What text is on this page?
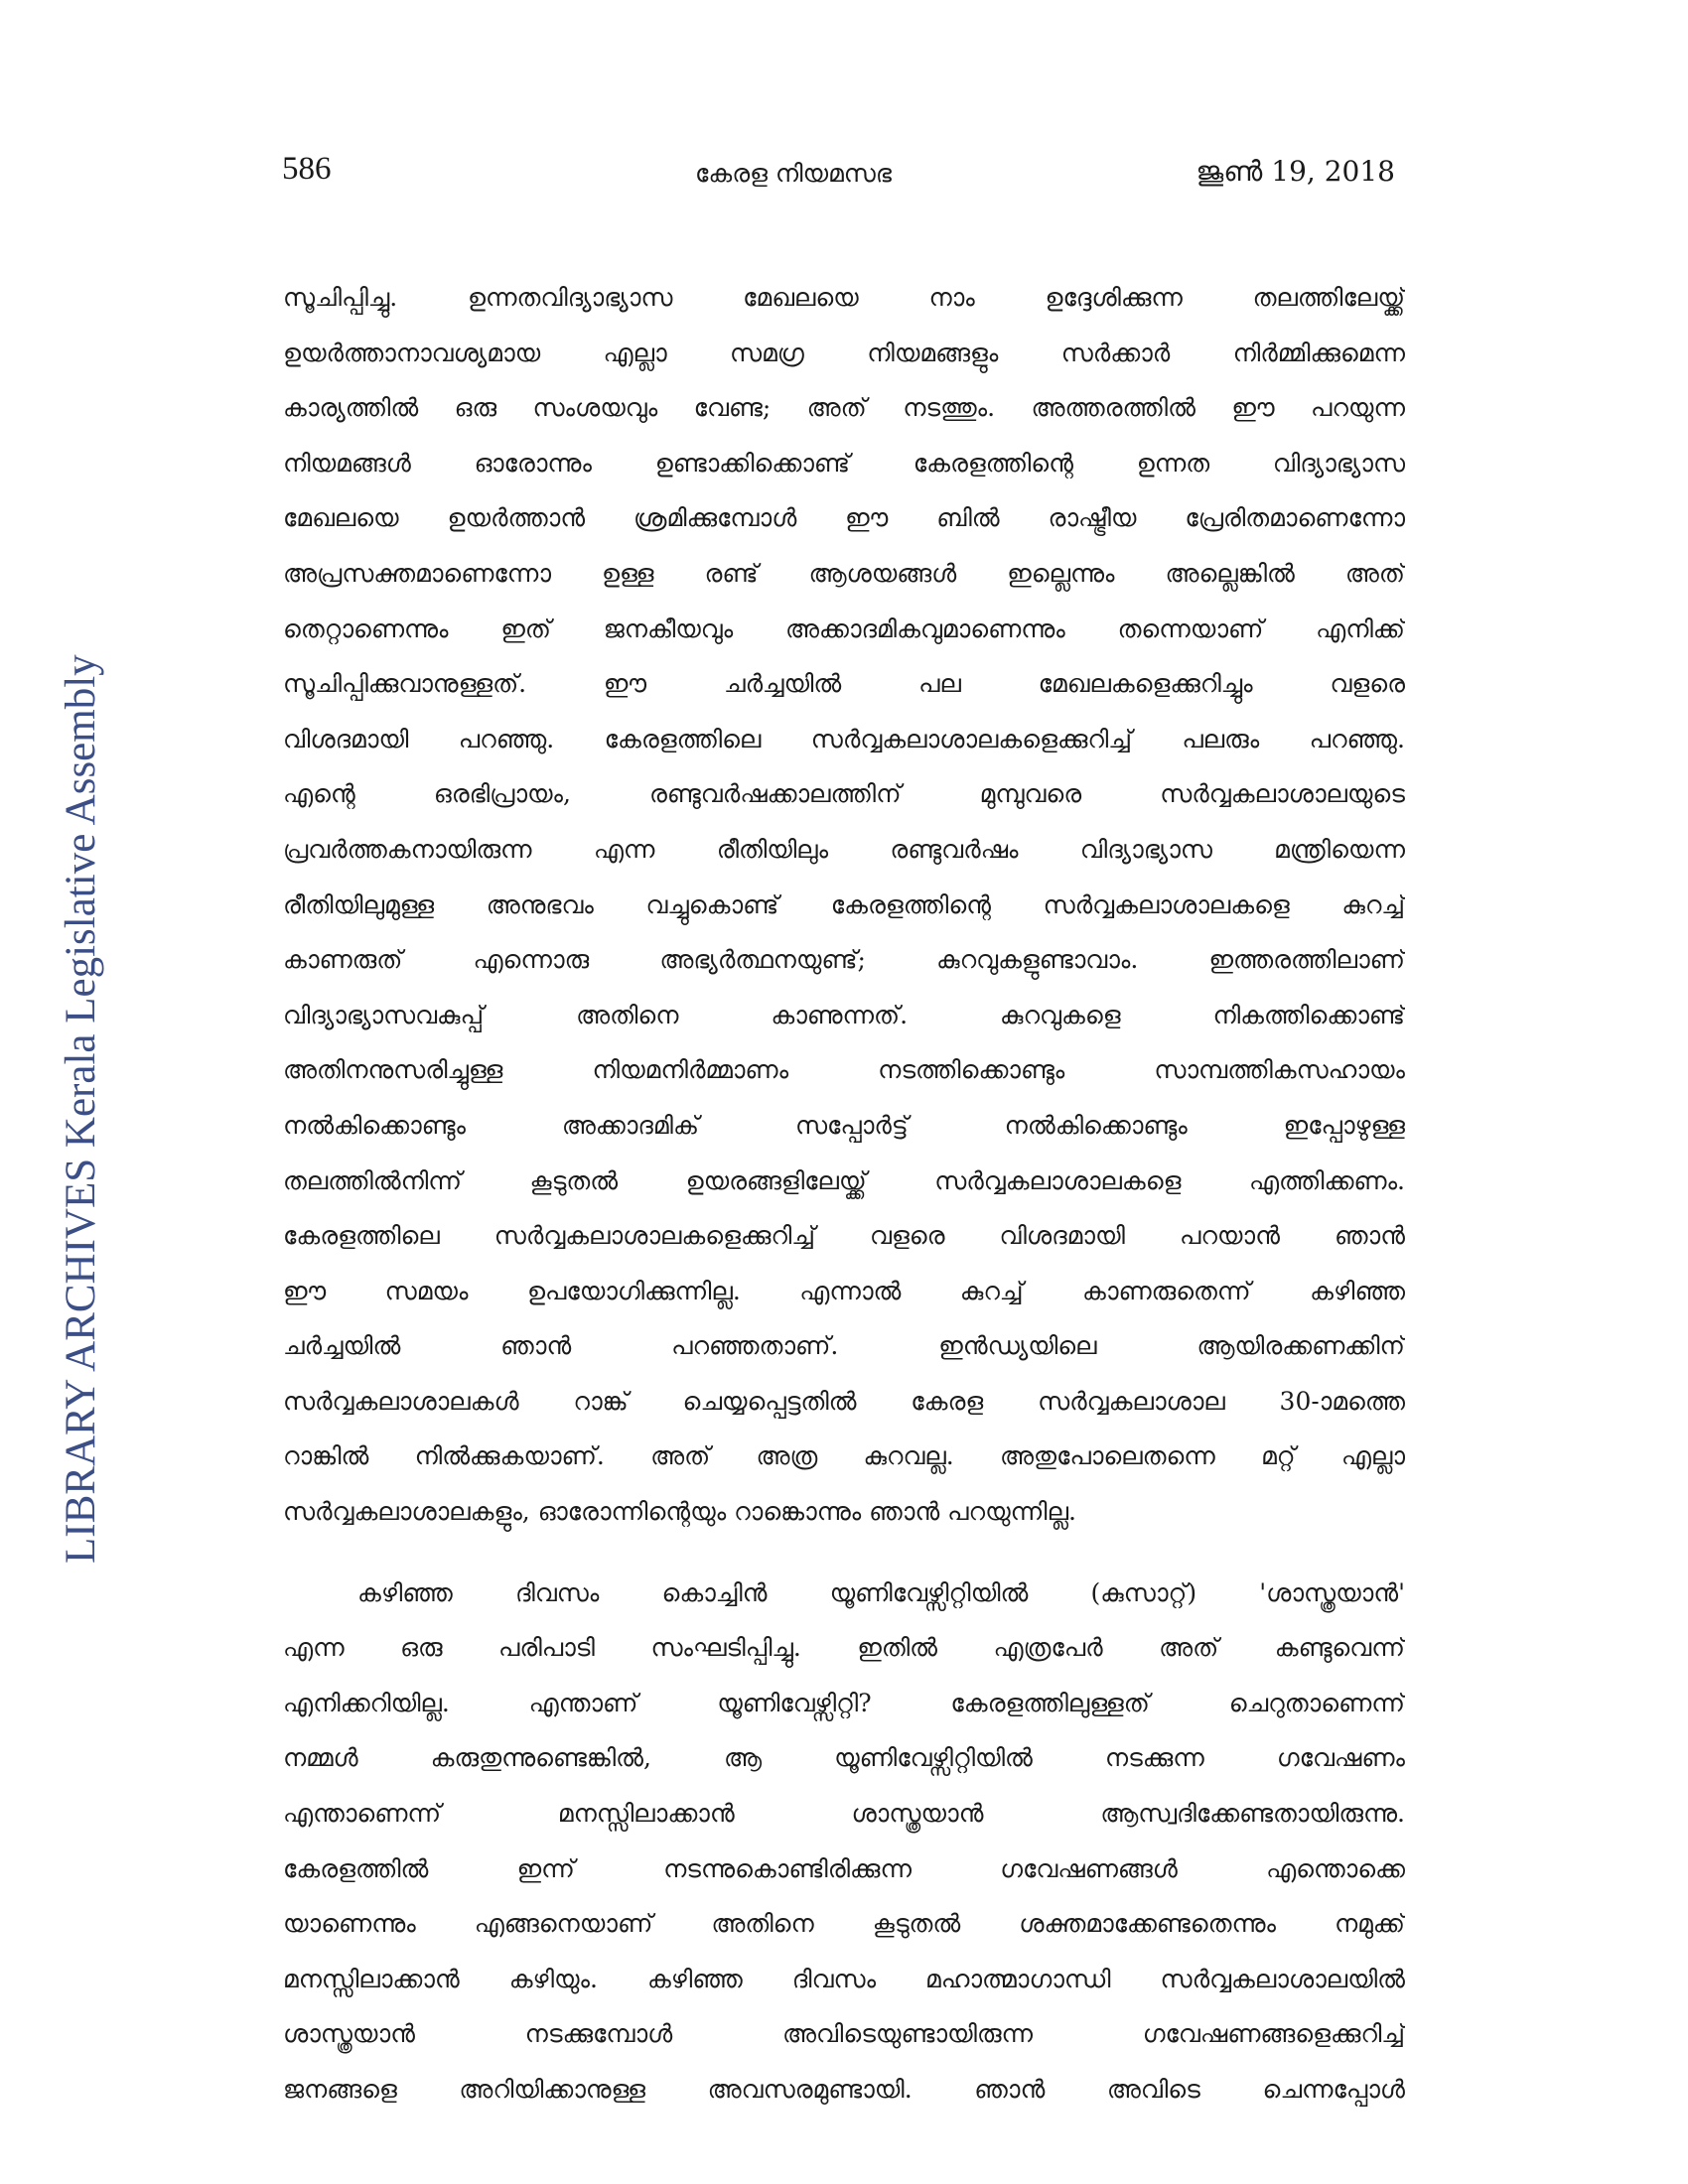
586	കേരള നിയമസഭ	ജൂൺ 19, 2018
LIBRARY ARCHIVES Kerala Legislative Assembly
സൂചിപ്പിച്ചു. ഉന്നതവിദ്യാഭ്യാസ മേഖലയെ നാം ഉദ്ദേശിക്കുന്ന തലത്തിലേയ്ക്ക്
ഉയർത്താനാവശ്യമായ എല്ലാ സമഗ്ര നിയമങ്ങളും സർക്കാർ നിർമ്മിക്കുമെന്ന
കാര്യത്തിൽ ഒരു സംശയവും വേണ്ട; അത് നടത്തും. അത്തരത്തിൽ ഈ പറയുന്ന
നിയമങ്ങൾ ഓരോന്നും ഉണ്ടാക്കിക്കൊണ്ട് കേരളത്തിന്റെ ഉന്നത വിദ്യാഭ്യാസ
മേഖലയെ ഉയർത്താൻ ശ്രമിക്കുമ്പോൾ ഈ ബിൽ രാഷ്ട്രീയ പ്രേരിതമാണെന്നോ
അപ്രസക്തമാണെന്നോ ഉള്ള രണ്ട് ആശയങ്ങൾ ഇല്ലെന്നും അല്ലെങ്കിൽ അത്
തെറ്റാണെന്നും ഇത് ജനകീയവും അക്കാദമികവുമാണെന്നും തന്നെയാണ് എനിക്ക്
സൂചിപ്പിക്കുവാനുള്ളത്. ഈ ചർച്ചയിൽ പല മേഖലകളെക്കുറിച്ചും വളരെ
വിശദമായി പറഞ്ഞു. കേരളത്തിലെ സർവ്വകലാശാലകളെക്കുറിച്ച് പലരും പറഞ്ഞു.
എന്റെ ഒരഭിപ്രായം, രണ്ടുവർഷക്കാലത്തിന് മുമ്പുവരെ സർവ്വകലാശാലയുടെ
പ്രവർത്തകനായിരുന്ന എന്ന രീതിയിലും രണ്ടുവർഷം വിദ്യാഭ്യാസ മന്ത്രിയെന്ന
രീതിയിലുമുള്ള അനുഭവം വച്ചുകൊണ്ട് കേരളത്തിന്റെ സർവ്വകലാശാലകളെ കുറച്ച്
കാണരുത് എന്നൊരു അഭ്യർത്ഥനയുണ്ട്; കുറവുകളുണ്ടാവാം. ഇത്തരത്തിലാണ്
വിദ്യാഭ്യാസവകുപ്പ് അതിനെ കാണുന്നത്. കുറവുകളെ നികത്തിക്കൊണ്ട്
അതിനനുസരിച്ചുള്ള നിയമനിർമ്മാണം നടത്തിക്കൊണ്ടും സാമ്പത്തികസഹായം
നൽകിക്കൊണ്ടും അക്കാദമിക് സപ്പോർട്ട് നൽകിക്കൊണ്ടും ഇപ്പോഴുള്ള
തലത്തിൽനിന്ന് കൂടുതൽ ഉയരങ്ങളിലേയ്ക്ക് സർവ്വകലാശാലകളെ എത്തിക്കണം.
കേരളത്തിലെ സർവ്വകലാശാലകളെക്കുറിച്ച് വളരെ വിശദമായി പറയാൻ ഞാൻ
ഈ സമയം ഉപയോഗിക്കുന്നില്ല. എന്നാൽ കുറച്ച് കാണരുതെന്ന് കഴിഞ്ഞ
ചർച്ചയിൽ ഞാൻ പറഞ്ഞതാണ്. ഇൻഡ്യയിലെ ആയിരക്കണക്കിന്
സർവ്വകലാശാലകൾ റാങ്ക് ചെയ്യപ്പെട്ടതിൽ കേരള സർവ്വകലാശാല 30-ാമത്തെ
റാങ്കിൽ നിൽക്കുകയാണ്. അത് അത്ര കുറവല്ല. അതുപോലെതന്നെ മറ്റ് എല്ലാ
സർവ്വകലാശാലകളും, ഓരോന്നിന്റെയും റാങ്കൊന്നും ഞാൻ പറയുന്നില്ല.
കഴിഞ്ഞ ദിവസം കൊച്ചിൻ യൂണിവേഴ്സിറ്റിയിൽ (കുസാറ്റ്) 'ശാസ്ത്രയാൻ'
എന്ന ഒരു പരിപാടി സംഘടിപ്പിച്ചു. ഇതിൽ എത്രപേർ അത് കണ്ടുവെന്ന്
എനിക്കറിയില്ല. എന്താണ് യൂണിവേഴ്സിറ്റി? കേരളത്തിലുള്ളത് ചെറുതാണെന്ന്
നമ്മൾ കരുതുന്നുണ്ടെങ്കിൽ, ആ യൂണിവേഴ്സിറ്റിയിൽ നടക്കുന്ന ഗവേഷണം
എന്താണെന്ന് മനസ്സിലാക്കാൻ ശാസ്ത്രയാൻ ആസ്വദിക്കേണ്ടതായിരുന്നു.
കേരളത്തിൽ ഇന്ന് നടന്നുകൊണ്ടിരിക്കുന്ന ഗവേഷണങ്ങൾ എന്തൊക്കെ
യാണെന്നും എങ്ങനെയാണ് അതിനെ കൂടുതൽ ശക്തമാക്കേണ്ടതെന്നും നമുക്ക്
മനസ്സിലാക്കാൻ കഴിയും. കഴിഞ്ഞ ദിവസം മഹാത്മാഗാന്ധി സർവ്വകലാശാലയിൽ
ശാസ്ത്രയാൻ നടക്കുമ്പോൾ അവിടെയുണ്ടായിരുന്ന ഗവേഷണങ്ങളെക്കുറിച്ച്
ജനങ്ങളെ അറിയിക്കാനുള്ള അവസരമുണ്ടായി. ഞാൻ അവിടെ ചെന്നപ്പോൾ
